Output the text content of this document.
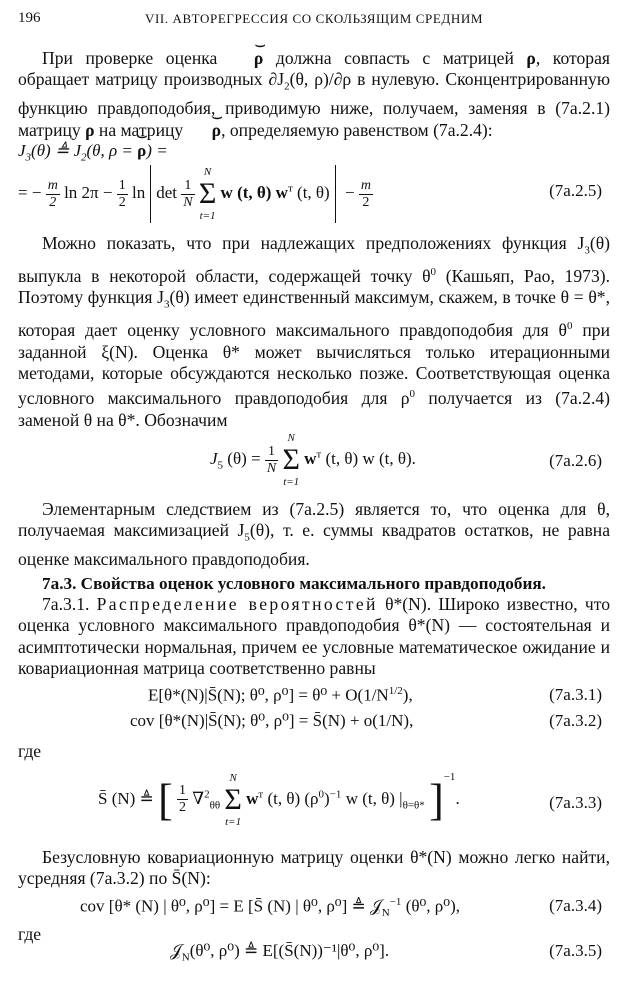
196	VII. АВТОРЕГРЕССИЯ СО СКОЛЬЗЯЩИМ СРЕДНИМ

При проверке оценка ⌢ ρ должна совпасть с матрицей ρ, которая обращает матрицу производных $\partial J_2(\theta$, ρ)/∂ρ в нулевую. Сконцентрированную функцию правдоподобия, приводимую ниже, получаем, заменяя в (7а.2.1) матрицу ρ на матрицу ⌢ ρ, определяемую равенством (7а.2.4):

$J_3(\theta)$ ≜ $J_2(\theta$, ρ = ⌢ ρ) =
= − $\frac{m}{2}$ $\ln 2\pi - \frac{1}{2}$ $\ln \det \frac{1}{N}$

N
Σ
t=1
w (t, θ) $w^т$ (t, $\theta) - \frac{m}{2}$	(7а.2.5)

Можно показать, что при надлежащих предположениях функция $J_3(\theta)$ выпукла в некоторой области, содержащей точку $\theta^0$ (Кашьяп, Рао, 1973). Поэтому функция $J_3(\theta)$ имеет единственный максимум, скажем, в точке θ = θ*, которая дает оценку условного максимального правдоподобия для $\theta^0$ при заданной ξ(N). Оценка θ* может вычисляться только итерационными методами, которые обсуждаются несколько позже. Соответствующая оценка условного максимального правдоподобия для $\rho^0$ получается из (7а.2.4) заменой θ на θ*. Обозначим

$J_5$ $(\theta) = \frac{1}{N}$

N
Σ
t=1
$w^т$ (t, θ) w (t, θ).	(7а.2.6)

Элементарным следствием из (7а.2.5) является то, что оценка для θ, получаемая максимизацией $J_5(\theta)$, т. е. суммы квадратов остатков, не равна оценке максимального правдоподобия.

7а.3. Свойства оценок условного максимального правдоподобия.

7а.3.1. Распределение вероятностей θ*(N). Широко известно, что оценка условного максимального правдоподобия θ*(N) — состоятельная и асимптотически нормальная, причем ее условные математическое ожидание и ковариационная матрица соответственно равны

E[θ*(N)|S̄(N); θ⁰, $\rho^0] = \theta^0 + O(1/N^{1/2})$,	(7а.3.1)
cov [θ*(N)|S̄(N); θ⁰, ρ⁰] = S̄(N) + o(1/N),	(7а.3.2)

где

S̄ (N) ≜ [ $\frac{1}{2} \nabla^2_{\theta\theta}$
N
Σ
t=1
$w^т$ (t, θ) $(\rho^0)^{-1}$ w (t, θ) $|_{\theta=\theta*}$ ]$^{-1}$.	(7а.3.3)

Безусловную ковариационную матрицу оценки θ*(N) можно легко найти, усредняя (7а.3.2) по S̄(N):

cov [θ* (N) | θ⁰, ρ⁰] = E [S̄ (N) | θ⁰, ρ⁰] ≜ 𝒥$_N^{-1}$ (θ⁰, ρ⁰),	(7а.3.4)

где

𝒥$_N$(θ⁰, ρ⁰) ≜ E[(S̄(N))⁻¹|θ⁰, ρ⁰].	(7а.3.5)
